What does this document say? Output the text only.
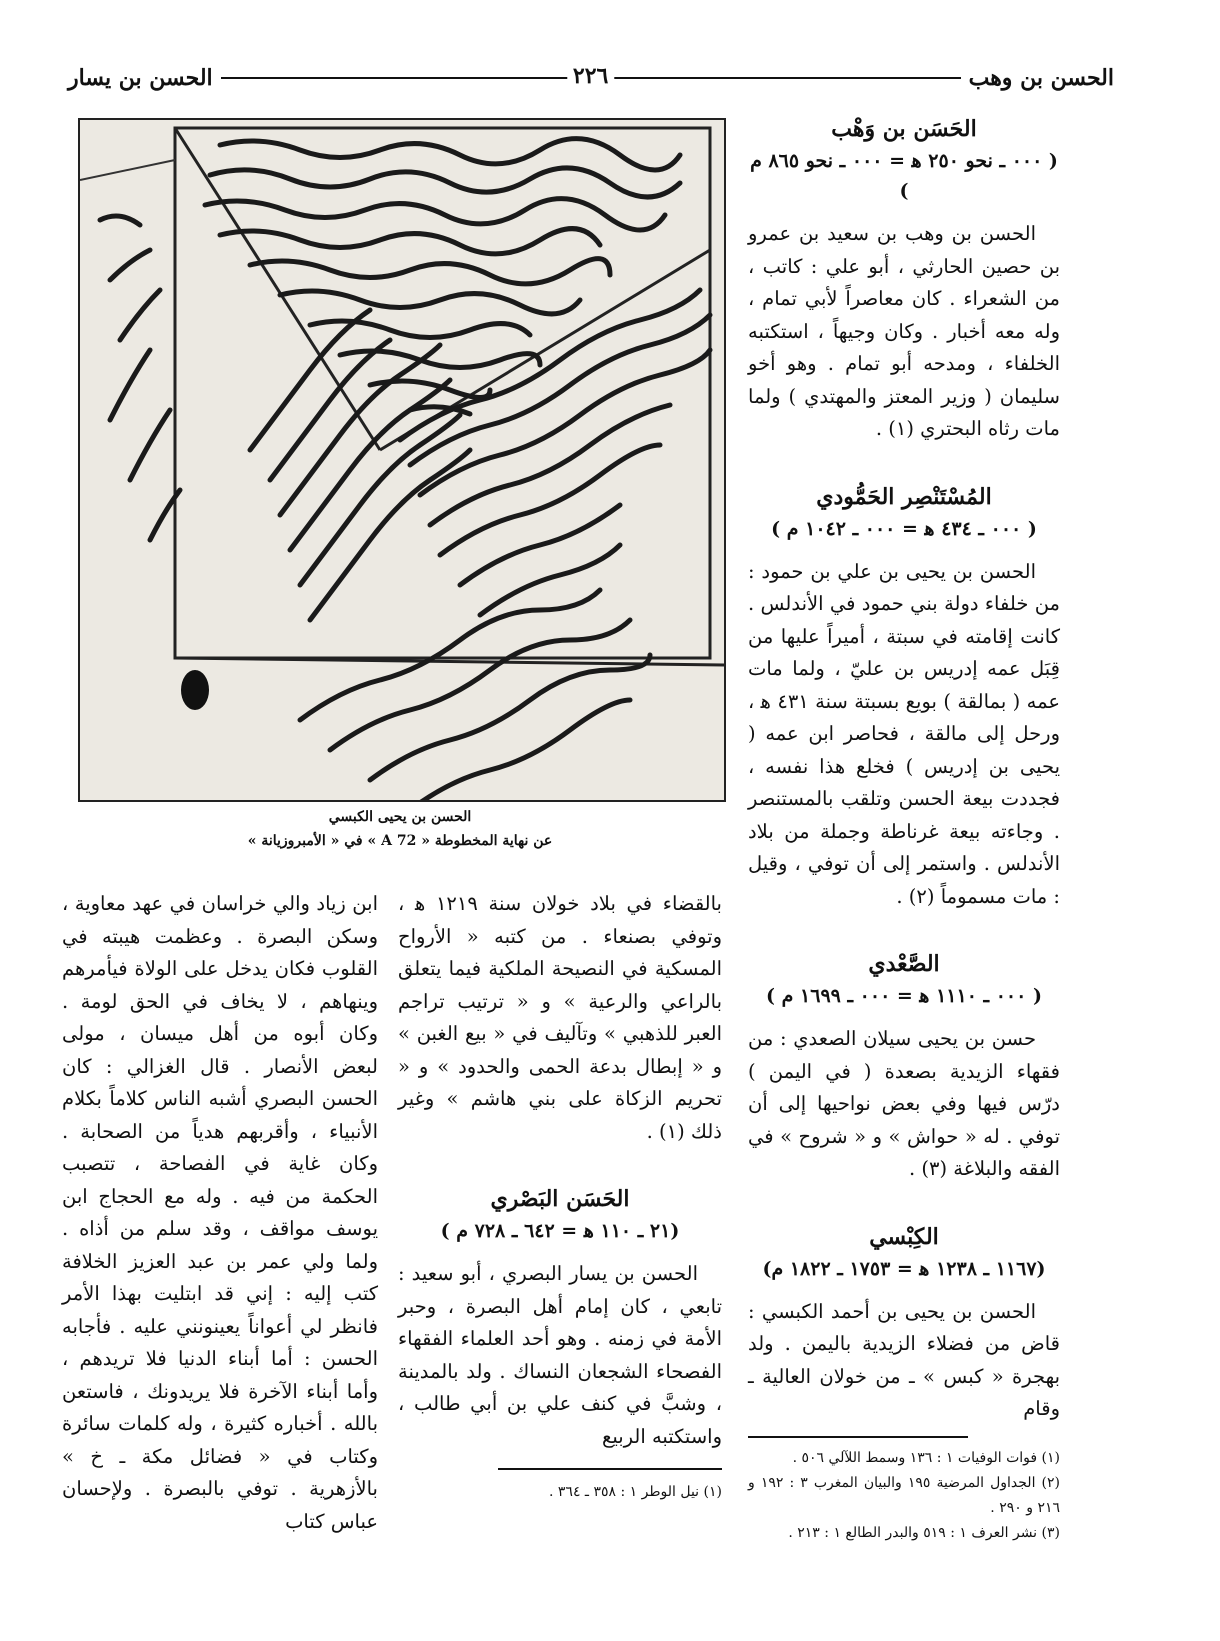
الحسن بن وهب
٢٢٦
الحسن بن يسار
الحَسَن بن وَهْب
( ٠٠٠ ـ نحو ٢٥٠ ﻫ = ٠٠٠ ـ نحو ٨٦٥ م )

الحسن بن وهب بن سعيد بن عمرو بن حصين الحارثي ، أبو علي : كاتب ، من الشعراء . كان معاصراً لأبي تمام ، وله معه أخبار . وكان وجيهاً ، استكتبه الخلفاء ، ومدحه أبو تمام . وهو أخو سليمان ( وزير المعتز والمهتدي ) ولما مات رثاه البحتري (١) .

المُسْتَنْصِر الحَمُّودي
( ٠٠٠ ـ ٤٣٤ ﻫ = ٠٠٠ ـ ١٠٤٢ م )

الحسن بن يحيى بن علي بن حمود : من خلفاء دولة بني حمود في الأندلس . كانت إقامته في سبتة ، أميراً عليها من قِبَل عمه إدريس بن عليّ ، ولما مات عمه ( بمالقة ) بويع بسبتة سنة ٤٣١ ﻫ ، ورحل إلى مالقة ، فحاصر ابن عمه ( يحيى بن إدريس ) فخلع هذا نفسه ، فجددت بيعة الحسن وتلقب بالمستنصر . وجاءته بيعة غرناطة وجملة من بلاد الأندلس . واستمر إلى أن توفي ، وقيل : مات مسموماً (٢) .

الصَّعْدي
( ٠٠٠ ـ ١١١٠ ﻫ = ٠٠٠ ـ ١٦٩٩ م )

حسن بن يحيى سيلان الصعدي : من فقهاء الزيدية بصعدة ( في اليمن ) درّس فيها وفي بعض نواحيها إلى أن توفي . له « حواش » و « شروح » في الفقه والبلاغة (٣) .

الكِبْسي
(١١٦٧ ـ ١٢٣٨ ﻫ = ١٧٥٣ ـ ١٨٢٢ م)

الحسن بن يحيى بن أحمد الكبسي : قاض من فضلاء الزيدية باليمن . ولد بهجرة « كبس » ـ من خولان العالية ـ وقام

(١) فوات الوفيات ١ : ١٣٦ وسمط اللآلي ٥٠٦ .

(٢) الجداول المرضية ١٩٥ والبيان المغرب ٣ : ١٩٢ و ٢١٦ و ٢٩٠ .

(٣) نشر العرف ١ : ٥١٩ والبدر الطالع ١ : ٢١٣ .

الحسن بن يحيى الكبسي
عن نهاية المخطوطة « 72 A » في « الأمبروزيانة »

بالقضاء في بلاد خولان سنة ١٢١٩ ﻫ ، وتوفي بصنعاء . من كتبه « الأرواح المسكية في النصيحة الملكية فيما يتعلق بالراعي والرعية » و « ترتيب تراجم العبر للذهبي » وتآليف في « بيع الغبن » و « إبطال بدعة الحمى والحدود » و « تحريم الزكاة على بني هاشم » وغير ذلك (١) .

الحَسَن البَصْري
(٢١ ـ ١١٠ ﻫ = ٦٤٢ ـ ٧٢٨ م )

الحسن بن يسار البصري ، أبو سعيد : تابعي ، كان إمام أهل البصرة ، وحبر الأمة في زمنه . وهو أحد العلماء الفقهاء الفصحاء الشجعان النساك . ولد بالمدينة ، وشبَّ في كنف علي بن أبي طالب ، واستكتبه الربيع

(١) نيل الوطر ١ : ٣٥٨ ـ ٣٦٤ .

ابن زياد والي خراسان في عهد معاوية ، وسكن البصرة . وعظمت هيبته في القلوب فكان يدخل على الولاة فيأمرهم وينهاهم ، لا يخاف في الحق لومة . وكان أبوه من أهل ميسان ، مولى لبعض الأنصار . قال الغزالي : كان الحسن البصري أشبه الناس كلاماً بكلام الأنبياء ، وأقربهم هدياً من الصحابة . وكان غاية في الفصاحة ، تتصبب الحكمة من فيه . وله مع الحجاج ابن يوسف مواقف ، وقد سلم من أذاه . ولما ولي عمر بن عبد العزيز الخلافة كتب إليه : إني قد ابتليت بهذا الأمر فانظر لي أعواناً يعينونني عليه . فأجابه الحسن : أما أبناء الدنيا فلا تريدهم ، وأما أبناء الآخرة فلا يريدونك ، فاستعن بالله . أخباره كثيرة ، وله كلمات سائرة وكتاب في « فضائل مكة ـ خ » بالأزهرية . توفي بالبصرة . ولإحسان عباس كتاب
